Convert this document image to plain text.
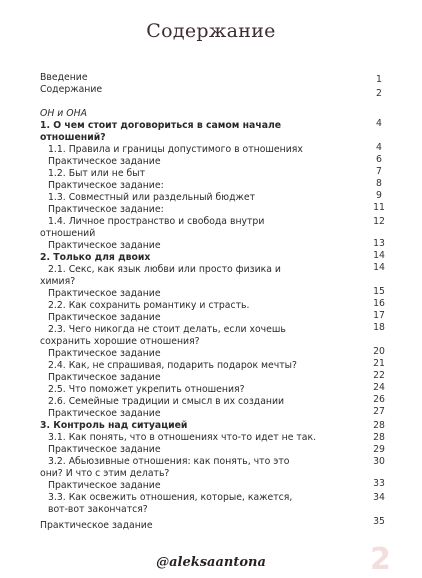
Содержание
Введение	1
Содержание	2
ОН и ОНА
1. О чем стоит договориться в самом начале	4
отношений?
1.1. Правила и границы допустимого в отношениях	4
Практическое задание	6
1.2. Быт или не быт	7
Практическое задание:	8
1.3. Совместный или раздельный бюджет	9
Практическое задание:	11
1.4. Личное пространство и свобода внутри	12
отношений
Практическое задание	13
2. Только для двоих	14
2.1. Секс, как язык любви или просто физика и	14
химия?
Практическое задание	15
2.2. Как сохранить романтику и страсть.	16
Практическое задание	17
2.3. Чего никогда не стоит делать, если хочешь	18
сохранить хорошие отношения?
Практическое задание	20
2.4. Как, не спрашивая, подарить подарок мечты?	21
Практическое задание	22
2.5. Что поможет укрепить отношения?	24
2.6. Семейные традиции и смысл в их создании	26
Практическое задание	27
3. Контроль над ситуацией	28
3.1. Как понять, что в отношениях что-то идет не так.	28
Практическое задание	29
3.2. Абьюзивные отношения: как понять, что это	30
они? И что с этим делать?
Практическое задание	33
3.3. Как освежить отношения, которые, кажется,	34
вот-вот закончатся?
Практическое задание	35
@aleksaantona	2
